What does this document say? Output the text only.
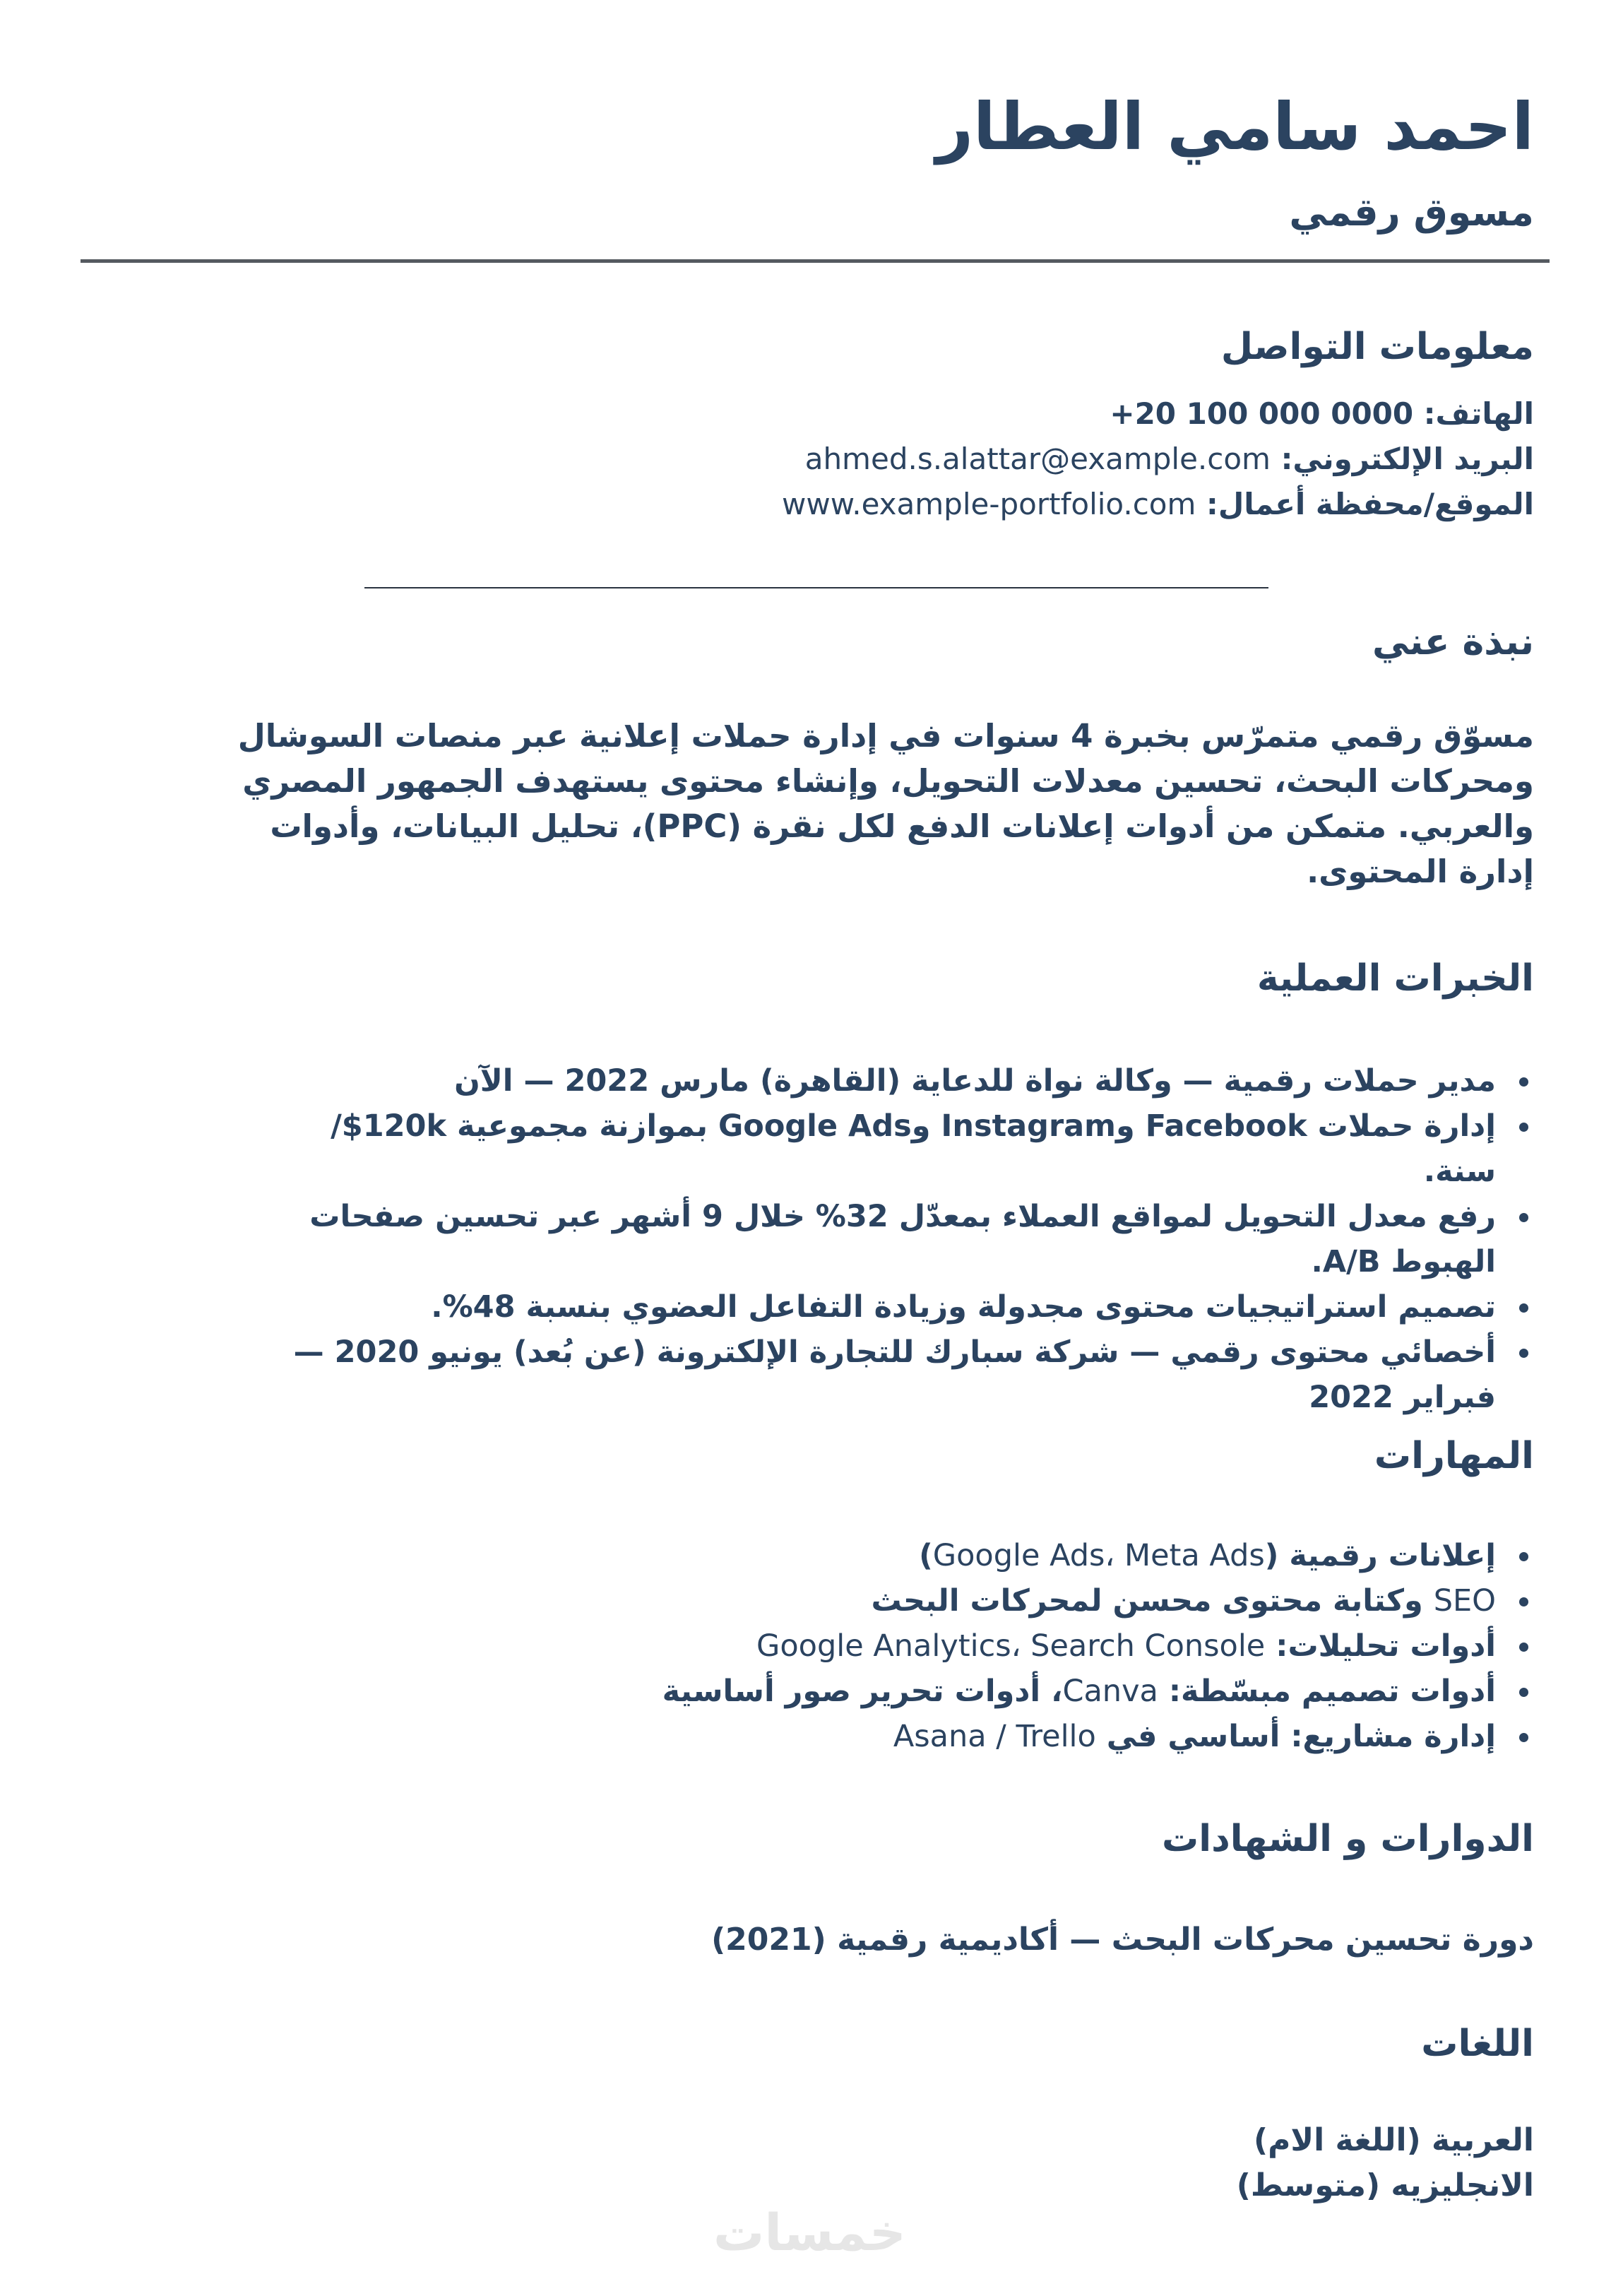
احمد سامي العطار
مسوق رقمي
معلومات التواصل
الهاتف: +20 100 000 0000
البريد الإلكتروني: ahmed.s.alattar@example.com
الموقع/محفظة أعمال: www.example-portfolio.com
نبذة عني
مسوّق رقمي متمرّس بخبرة 4 سنوات في إدارة حملات إعلانية عبر منصات السوشال ومحركات البحث، تحسين معدلات التحويل، وإنشاء محتوى يستهدف الجمهور المصري والعربي. متمكن من أدوات إعلانات الدفع لكل نقرة (PPC)، تحليل البيانات، وأدوات إدارة المحتوى.
الخبرات العملية
مدير حملات رقمية — وكالة نواة للدعاية (القاهرة) مارس 2022 — الآن
إدارة حملات Facebook وInstagram وGoogle Ads بموازنة مجموعية 120k$/سنة.
رفع معدل التحويل لمواقع العملاء بمعدّل 32% خلال 9 أشهر عبر تحسين صفحات الهبوط A/B.
تصميم استراتيجيات محتوى مجدولة وزيادة التفاعل العضوي بنسبة 48%.
أخصائي محتوى رقمي — شركة سبارك للتجارة الإلكترونة (عن بُعد) يونيو 2020 — فبراير 2022
المهارات
إعلانات رقمية (Google Ads، Meta Ads)
SEO وكتابة محتوى محسن لمحركات البحث
أدوات تحليلات: Google Analytics، Search Console
أدوات تصميم مبسّطة: Canva، أدوات تحرير صور أساسية
إدارة مشاريع: أساسي في Asana / Trello
الدوارات و الشهادات
دورة تحسين محركات البحث — أكاديمية رقمية (2021)
اللغات
العربية (اللغة الام)
الانجليزيه (متوسط)
خمسات
